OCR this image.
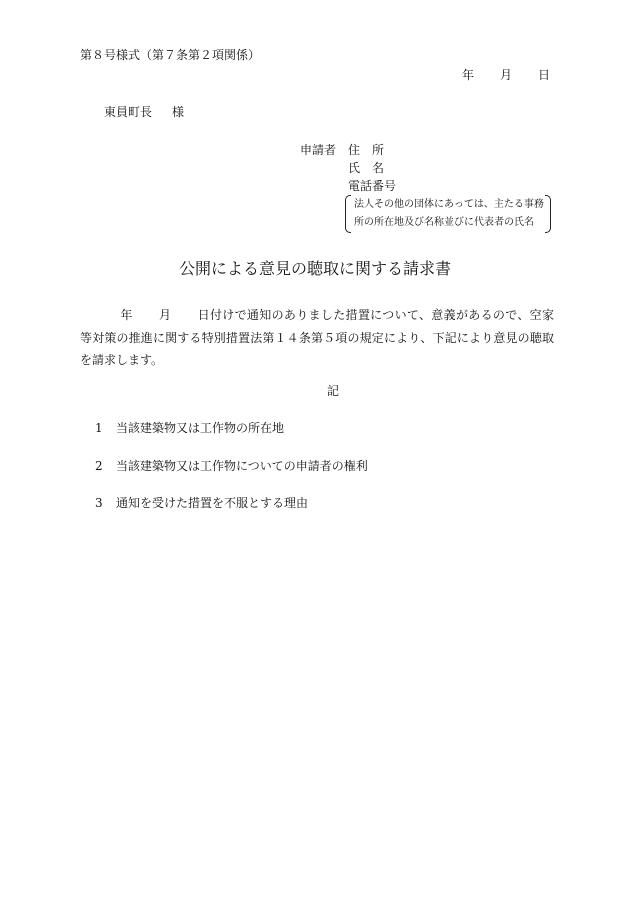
第８号様式（第７条第２項関係）
年 月 日
東員町長 様
申請者 住　所
氏　名
電話番号
法人その他の団体にあっては、主たる事務
所の所在地及び名称並びに代表者の氏名
公開による意見の聴取に関する請求書
年 月 日付けで通知のありました措置について、意義があるので、空家等対策の推進に関する特別措置法第１４条第５項の規定により、下記により意見の聴取を請求します。
記
1 当該建築物又は工作物の所在地
2 当該建築物又は工作物についての申請者の権利
3 通知を受けた措置を不服とする理由
